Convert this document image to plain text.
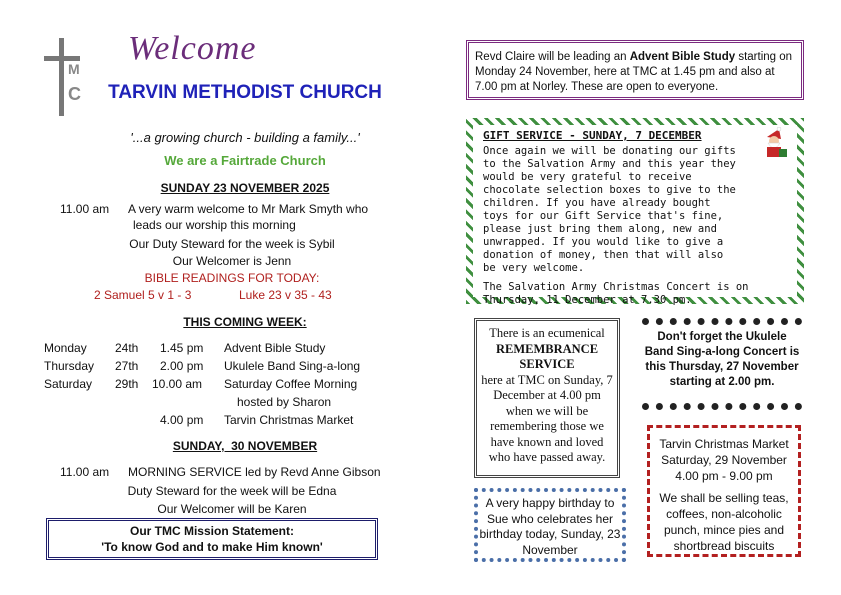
M
C
Welcome
TARVIN METHODIST CHURCH
'...a growing church - building a family...'
We are a Fairtrade Church
SUNDAY 23 NOVEMBER 2025
11.00 am A very warm welcome to Mr Mark Smyth who
leads our worship this morning
Our Duty Steward for the week is Sybil
Our Welcomer is Jenn
BIBLE READINGS FOR TODAY:
2 Samuel 5 v 1 - 3	Luke 23 v 35 - 43
THIS COMING WEEK:
Monday 24th 1.45 pm Advent Bible Study
Thursday 27th 2.00 pm Ukulele Band Sing-a-long
Saturday 29th 10.00 am Saturday Coffee Morning
hosted by Sharon
4.00 pm Tarvin Christmas Market
SUNDAY,  30 NOVEMBER
11.00 am MORNING SERVICE led by Revd Anne Gibson
Duty Steward for the week will be Edna
Our Welcomer will be Karen
Our TMC Mission Statement:
'To know God and to make Him known'
Revd Claire will be leading an Advent Bible Study starting on Monday 24 November, here at TMC at 1.45 pm and also at 7.00 pm at Norley. These are open to everyone.
GIFT SERVICE - SUNDAY, 7 DECEMBER
Once again we will be donating our gifts to the Salvation Army and this year they would be very grateful to receive chocolate selection boxes to give to the children. If you have already bought toys for our Gift Service that's fine, please just bring them along, new and unwrapped. If you would like to give a donation of money, then that will also be very welcome.
The Salvation Army Christmas Concert is on Thursday, 11 December at 7.30 pm.
There is an ecumenical
REMEMBRANCE
SERVICE
here at TMC on Sunday, 7 December at 4.00 pm when we will be remembering those we have known and loved who have passed away.
Don't forget the Ukulele Band Sing-a-long Concert is this Thursday, 27 November starting at 2.00 pm.
Tarvin Christmas Market
Saturday, 29 November
4.00 pm - 9.00 pm
We shall be selling teas, coffees, non-alcoholic punch, mince pies and shortbread biscuits
A very happy birthday to Sue who celebrates her birthday today, Sunday, 23 November
